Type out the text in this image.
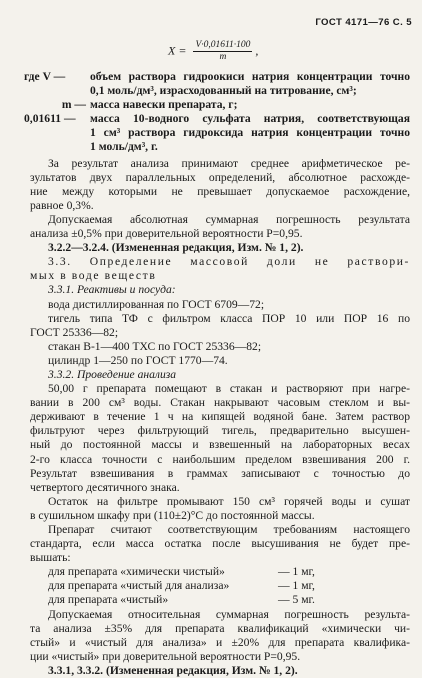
ГОСТ 4171—76 С. 5
$X = \frac{V\cdot 0,01611\cdot 100}{m}$ ,
где V —	объем раствора гидроокиси натрия концентрации точно
0,1 моль/дм³, израсходованный на титрование, см³;
m — масса навески препарата, г;
0,01611 —	масса 10-водного сульфата натрия, соответствующая
1 см³ раствора гидроксида натрия концентрации точно
1 моль/дм³, г.
За результат анализа принимают среднее арифметическое ре-
зультатов двух параллельных определений, абсолютное расхожде-
ние между которыми не превышает допускаемое расхождение,
равное 0,3%.
Допускаемая абсолютная суммарная погрешность результата
анализа ±0,5% при доверительной вероятности P=0,95.
3.2.2—3.2.4. (Измененная редакция, Изм. № 1, 2).
3.3. Определение массовой доли не раствори-
мых в воде веществ
3.3.1. Реактивы и посуда:
вода дистиллированная по ГОСТ 6709—72;
тигель типа ТФ с фильтром класса ПОР 10 или ПОР 16 по
ГОСТ 25336—82;
стакан В-1—400 ТХС по ГОСТ 25336—82;
цилиндр 1—250 по ГОСТ 1770—74.
3.3.2. Проведение анализа
50,00 г препарата помещают в стакан и растворяют при нагре-
вании в 200 см³ воды. Стакан накрывают часовым стеклом и вы-
держивают в течение 1 ч на кипящей водяной бане. Затем раствор
фильтруют через фильтрующий тигель, предварительно высушен-
ный до постоянной массы и взвешенный на лабораторных весах
2-го класса точности с наибольшим пределом взвешивания 200 г.
Результат взвешивания в граммах записывают с точностью до
четвертого десятичного знака.
Остаток на фильтре промывают 150 см³ горячей воды и сушат
в сушильном шкафу при (110±2)°С до постоянной массы.
Препарат считают соответствующим требованиям настоящего
стандарта, если масса остатка после высушивания не будет пре-
вышать:
для препарата «химически чистый»	— 1 мг,
для препарата «чистый для анализа»	— 1 мг,
для препарата «чистый»	— 5 мг.
Допускаемая относительная суммарная погрешность результа-
та анализа ±35% для препарата квалификаций «химически чи-
стый» и «чистый для анализа» и ±20% для препарата квалифика-
ции «чистый» при доверительной вероятности P=0,95.
3.3.1, 3.3.2. (Измененная редакция, Изм. № 1, 2).
